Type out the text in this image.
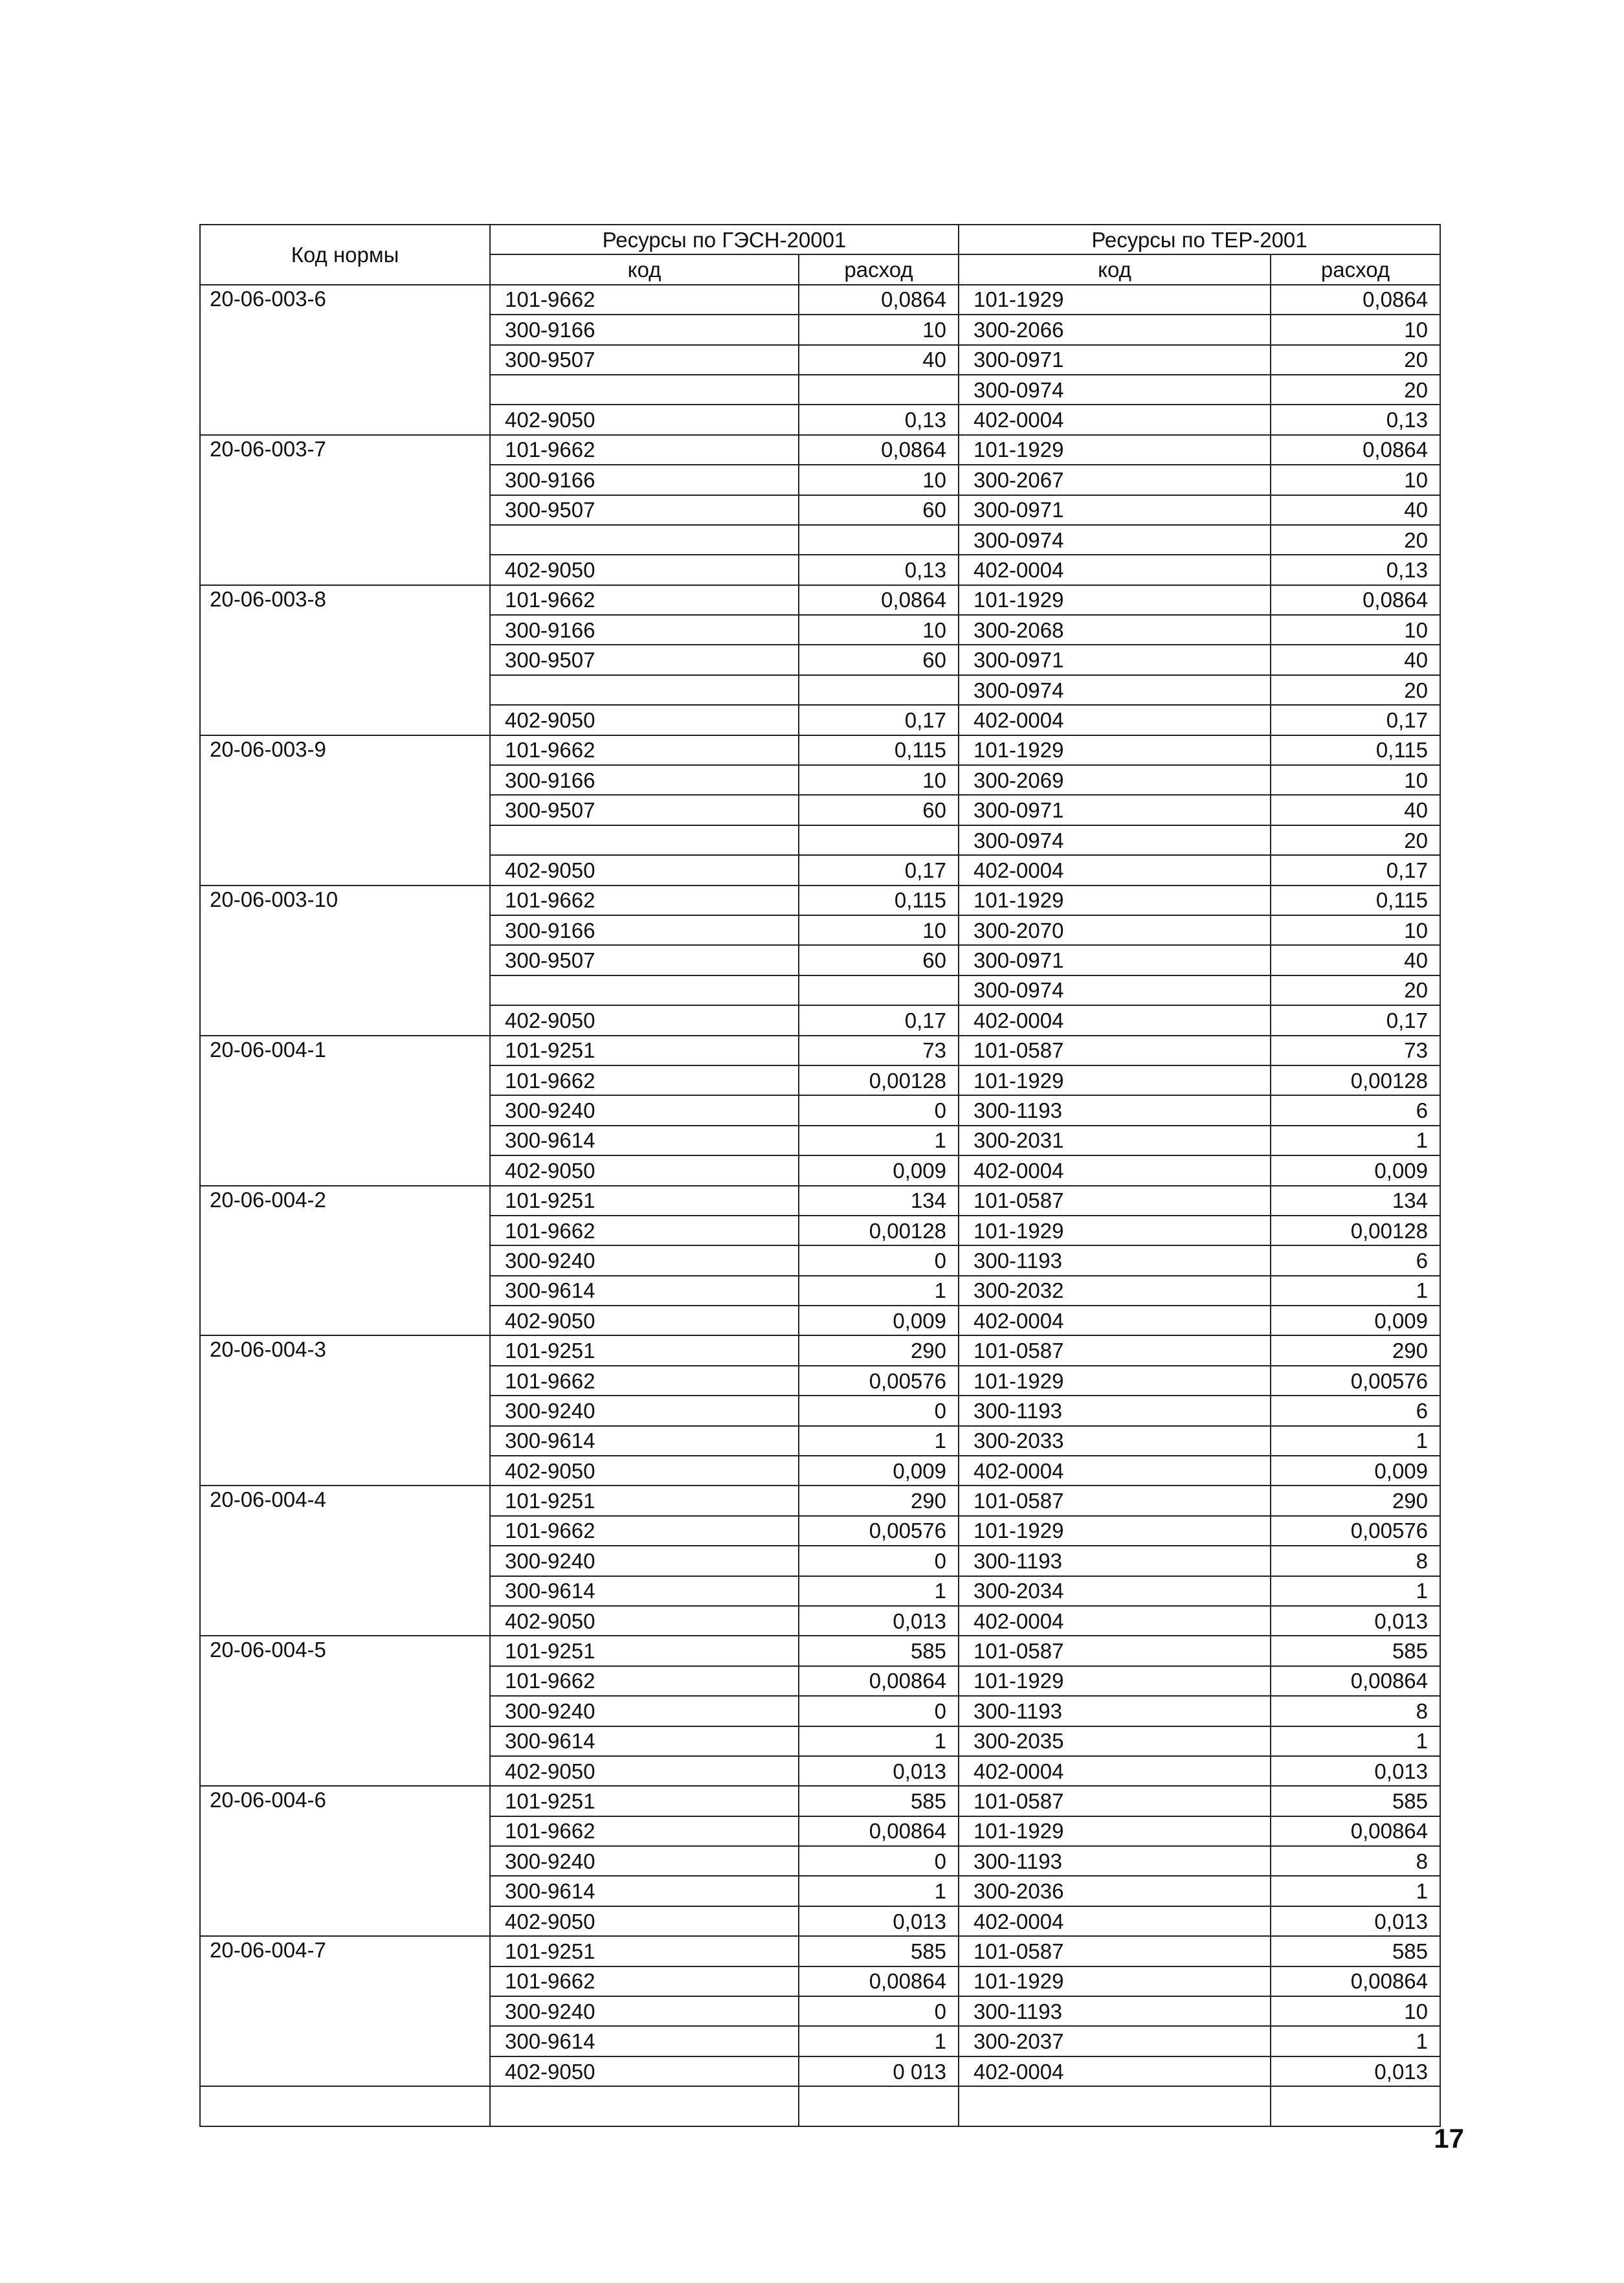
Код нормы	Ресурсы по ГЭСН-20001		Ресурсы по ТЕР-2001	
	код	расход	код	расход
20-06-003-6	101-9662	0,0864	101-1929	0,0864
	300-9166	10	300-2066	10
	300-9507	40	300-0971	20
			300-0974	20
	402-9050	0,13	402-0004	0,13
20-06-003-7	101-9662	0,0864	101-1929	0,0864
	300-9166	10	300-2067	10
	300-9507	60	300-0971	40
			300-0974	20
	402-9050	0,13	402-0004	0,13
20-06-003-8	101-9662	0,0864	101-1929	0,0864
	300-9166	10	300-2068	10
	300-9507	60	300-0971	40
			300-0974	20
	402-9050	0,17	402-0004	0,17
20-06-003-9	101-9662	0,115	101-1929	0,115
	300-9166	10	300-2069	10
	300-9507	60	300-0971	40
			300-0974	20
	402-9050	0,17	402-0004	0,17
20-06-003-10	101-9662	0,115	101-1929	0,115
	300-9166	10	300-2070	10
	300-9507	60	300-0971	40
			300-0974	20
	402-9050	0,17	402-0004	0,17
20-06-004-1	101-9251	73	101-0587	73
	101-9662	0,00128	101-1929	0,00128
	300-9240	0	300-1193	6
	300-9614	1	300-2031	1
	402-9050	0,009	402-0004	0,009
20-06-004-2	101-9251	134	101-0587	134
	101-9662	0,00128	101-1929	0,00128
	300-9240	0	300-1193	6
	300-9614	1	300-2032	1
	402-9050	0,009	402-0004	0,009
20-06-004-3	101-9251	290	101-0587	290
	101-9662	0,00576	101-1929	0,00576
	300-9240	0	300-1193	6
	300-9614	1	300-2033	1
	402-9050	0,009	402-0004	0,009
20-06-004-4	101-9251	290	101-0587	290
	101-9662	0,00576	101-1929	0,00576
	300-9240	0	300-1193	8
	300-9614	1	300-2034	1
	402-9050	0,013	402-0004	0,013
20-06-004-5	101-9251	585	101-0587	585
	101-9662	0,00864	101-1929	0,00864
	300-9240	0	300-1193	8
	300-9614	1	300-2035	1
	402-9050	0,013	402-0004	0,013
20-06-004-6	101-9251	585	101-0587	585
	101-9662	0,00864	101-1929	0,00864
	300-9240	0	300-1193	8
	300-9614	1	300-2036	1
	402-9050	0,013	402-0004	0,013
20-06-004-7	101-9251	585	101-0587	585
	101-9662	0,00864	101-1929	0,00864
	300-9240	0	300-1193	10
	300-9614	1	300-2037	1
	402-9050	0 013	402-0004	0,013

17
